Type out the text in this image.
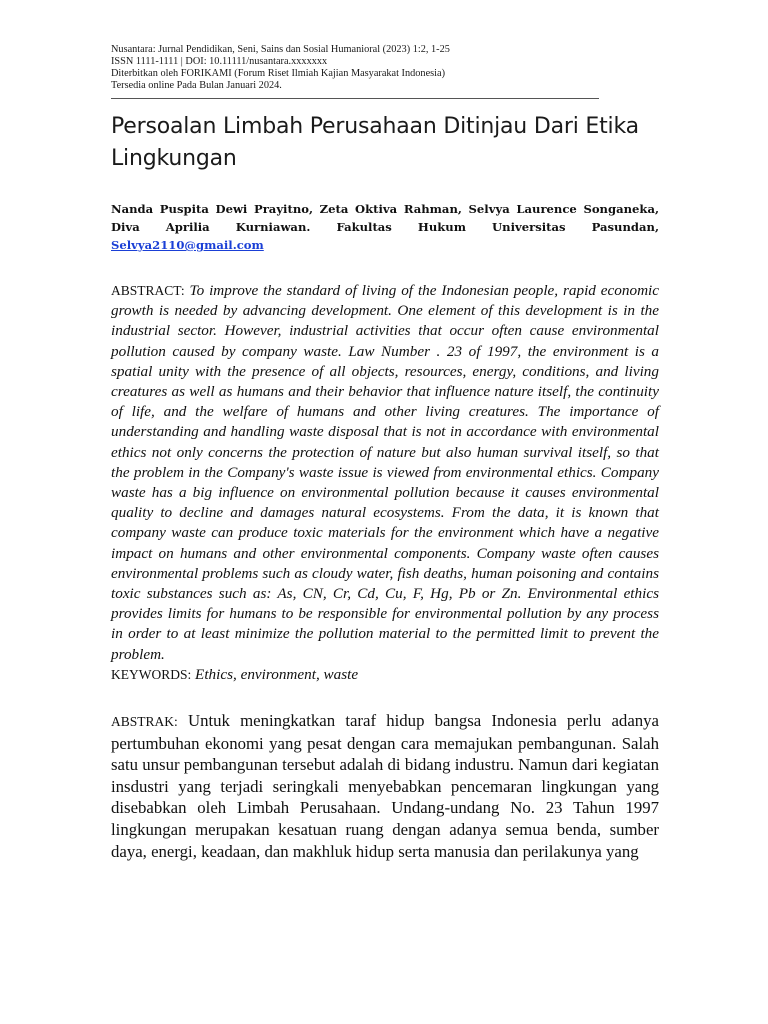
Nusantara: Jurnal Pendidikan, Seni, Sains dan Sosial Humanioral (2023) 1:2, 1-25
ISSN 1111-1111 | DOI: 10.11111/nusantara.xxxxxxx
Diterbitkan oleh FORIKAMI (Forum Riset Ilmiah Kajian Masyarakat Indonesia)
Tersedia online Pada Bulan Januari 2024.
Persoalan Limbah Perusahaan Ditinjau Dari Etika Lingkungan
Nanda Puspita Dewi Prayitno, Zeta Oktiva Rahman, Selvya Laurence Songaneka, Diva Aprilia Kurniawan. Fakultas Hukum Universitas Pasundan, Selvya2110@gmail.com
ABSTRACT: To improve the standard of living of the Indonesian people, rapid economic growth is needed by advancing development. One element of this development is in the industrial sector. However, industrial activities that occur often cause environmental pollution caused by company waste. Law Number . 23 of 1997, the environment is a spatial unity with the presence of all objects, resources, energy, conditions, and living creatures as well as humans and their behavior that influence nature itself, the continuity of life, and the welfare of humans and other living creatures. The importance of understanding and handling waste disposal that is not in accordance with environmental ethics not only concerns the protection of nature but also human survival itself, so that the problem in the Company's waste issue is viewed from environmental ethics. Company waste has a big influence on environmental pollution because it causes environmental quality to decline and damages natural ecosystems. From the data, it is known that company waste can produce toxic materials for the environment which have a negative impact on humans and other environmental components. Company waste often causes environmental problems such as cloudy water, fish deaths, human poisoning and contains toxic substances such as: As, CN, Cr, Cd, Cu, F, Hg, Pb or Zn. Environmental ethics provides limits for humans to be responsible for environmental pollution by any process in order to at least minimize the pollution material to the permitted limit to prevent the problem.
KEYWORDS: Ethics, environment, waste
ABSTRAK: Untuk meningkatkan taraf hidup bangsa Indonesia perlu adanya pertumbuhan ekonomi yang pesat dengan cara memajukan pembangunan. Salah satu unsur pembangunan tersebut adalah di bidang industru. Namun dari kegiatan insdustri yang terjadi seringkali menyebabkan pencemaran lingkungan yang disebabkan oleh Limbah Perusahaan. Undang-undang No. 23 Tahun 1997 lingkungan merupakan kesatuan ruang dengan adanya semua benda, sumber daya, energi, keadaan, dan makhluk hidup serta manusia dan perilakunya yang
